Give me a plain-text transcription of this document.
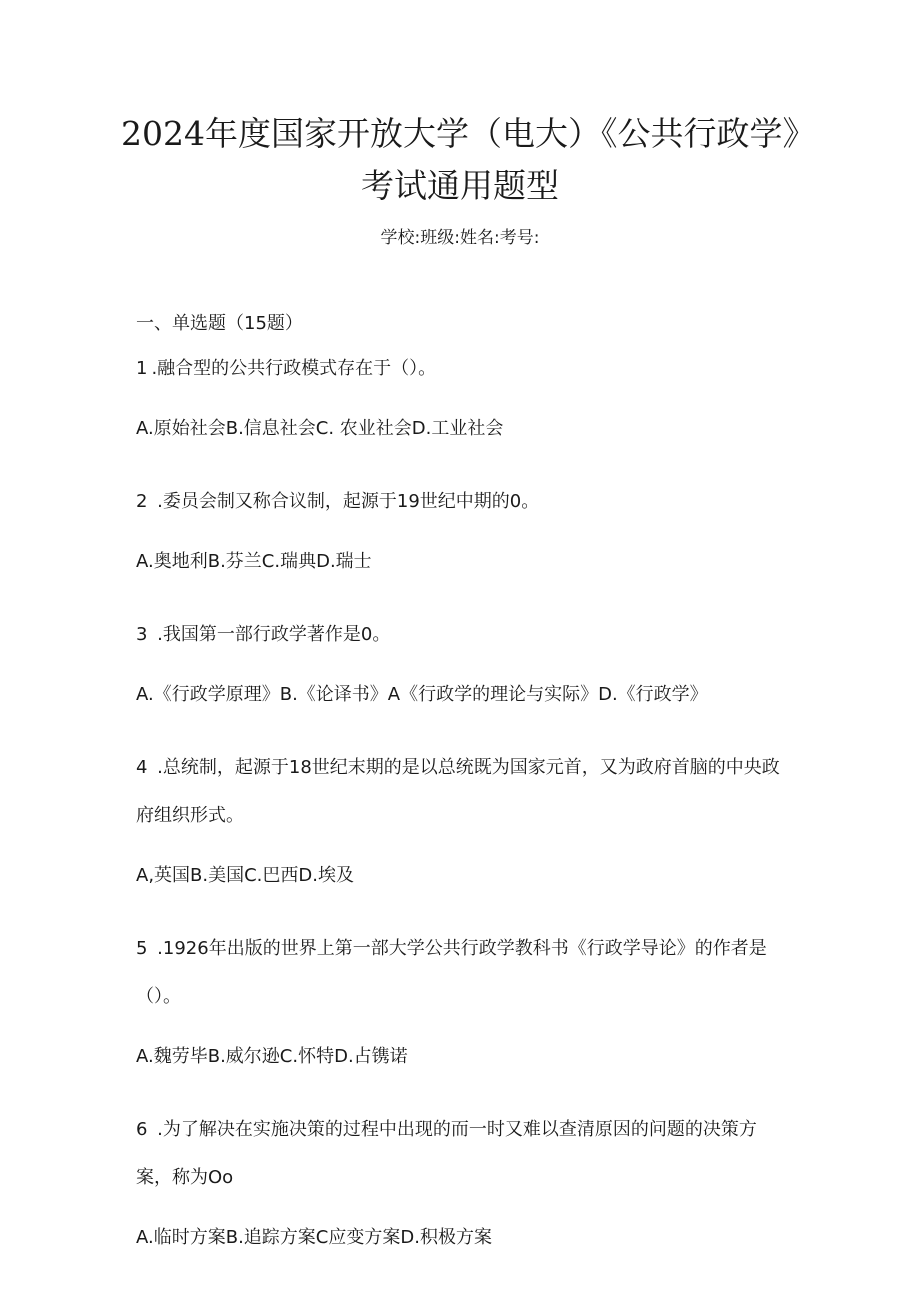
2024年度国家开放大学（电大）《公共行政学》考试通用题型
学校:班级:姓名:考号:
一、单选题（15题）
1 .融合型的公共行政模式存在于（）。
A.原始社会B.信息社会C. 农业社会D.工业社会
2 .委员会制又称合议制，起源于19世纪中期的0。
A.奥地利B.芬兰C.瑞典D.瑞士
3 .我国第一部行政学著作是0。
A.《行政学原理》B.《论译书》A《行政学的理论与实际》D.《行政学》
4 .总统制，起源于18世纪末期的是以总统既为国家元首，又为政府首脑的中央政府组织形式。
A,英国B.美国C.巴西D.埃及
5 .1926年出版的世界上第一部大学公共行政学教科书《行政学导论》的作者是（）。
A.魏劳毕B.威尔逊C.怀特D.占镌诺
6 .为了解决在实施决策的过程中出现的而一时又难以查清原因的问题的决策方案，称为Oo
A.临时方案B.追踪方案C应变方案D.积极方案
